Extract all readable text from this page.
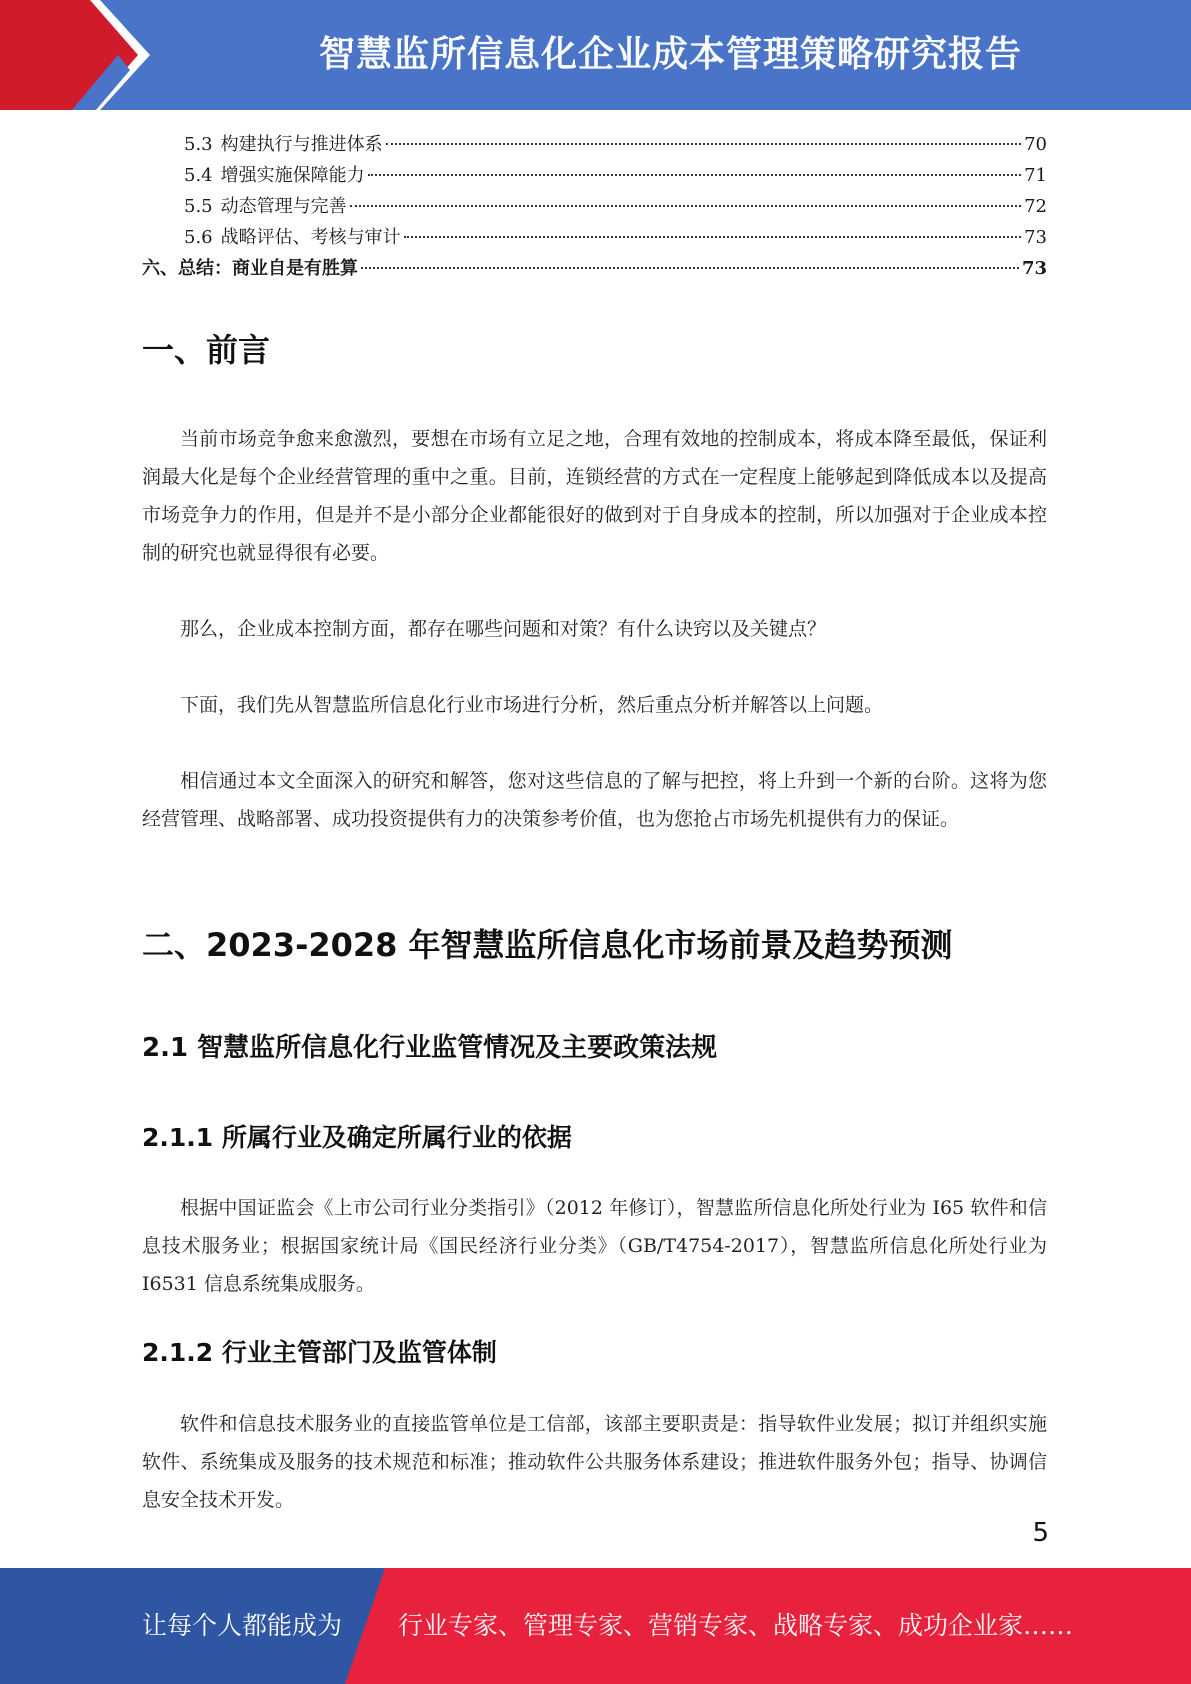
智慧监所信息化企业成本管理策略研究报告
5.3 构建执行与推进体系	70
5.4 增强实施保障能力	71
5.5 动态管理与完善	72
5.6 战略评估、考核与审计	73
六、总结：商业自是有胜算	73
一、前言
当前市场竞争愈来愈激烈，要想在市场有立足之地，合理有效地的控制成本，将成本降至最低，保证利润最大化是每个企业经营管理的重中之重。目前，连锁经营的方式在一定程度上能够起到降低成本以及提高市场竞争力的作用，但是并不是小部分企业都能很好的做到对于自身成本的控制，所以加强对于企业成本控制的研究也就显得很有必要。
那么，企业成本控制方面，都存在哪些问题和对策？有什么诀窍以及关键点？
下面，我们先从智慧监所信息化行业市场进行分析，然后重点分析并解答以上问题。
相信通过本文全面深入的研究和解答，您对这些信息的了解与把控，将上升到一个新的台阶。这将为您经营管理、战略部署、成功投资提供有力的决策参考价值，也为您抢占市场先机提供有力的保证。
二、2023-2028 年智慧监所信息化市场前景及趋势预测
2.1 智慧监所信息化行业监管情况及主要政策法规
2.1.1 所属行业及确定所属行业的依据
根据中国证监会《上市公司行业分类指引》（2012 年修订），智慧监所信息化所处行业为 I65 软件和信息技术服务业；根据国家统计局《国民经济行业分类》（GB/T4754-2017），智慧监所信息化所处行业为 I6531 信息系统集成服务。
2.1.2 行业主管部门及监管体制
软件和信息技术服务业的直接监管单位是工信部，该部主要职责是：指导软件业发展；拟订并组织实施软件、系统集成及服务的技术规范和标准；推动软件公共服务体系建设；推进软件服务外包；指导、协调信息安全技术开发。
5
让每个人都能成为 行业专家、管理专家、营销专家、战略专家、成功企业家……
